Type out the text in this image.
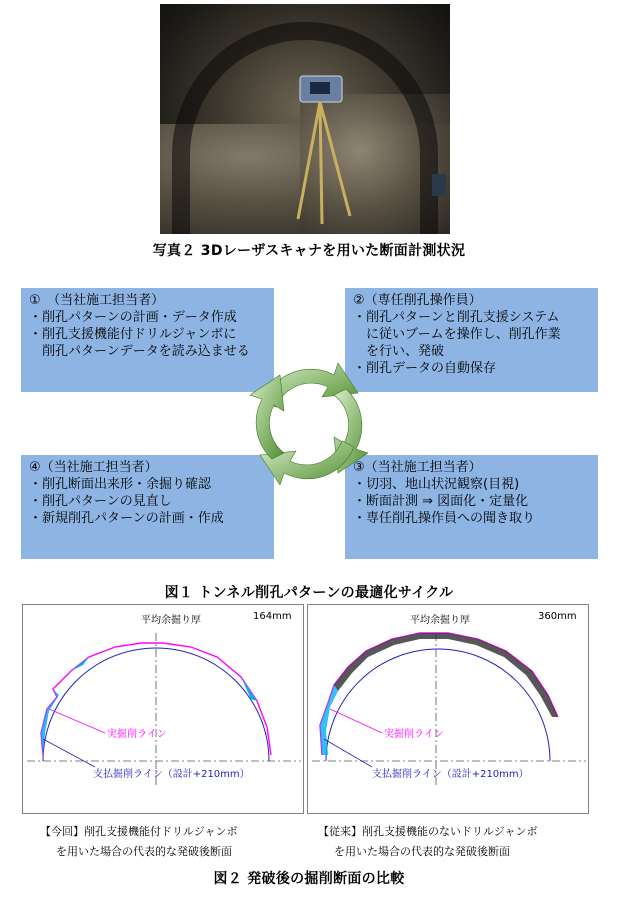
写真２ 3Dレーザスキャナを用いた断面計測状況
①　（当社施工担当者）
・削孔パターンの計画・データ作成
・削孔支援機能付ドリルジャンボに
　削孔パターンデータを読み込ませる
②（専任削孔操作員）
・削孔パターンと削孔支援システム
　に従いブームを操作し、削孔作業
　を行い、発破
・削孔データの自動保存
④（当社施工担当者）
・削孔断面出来形・余掘り確認
・削孔パターンの見直し
・新規削孔パターンの計画・作成
③（当社施工担当者）
・切羽、地山状況観察(目視)
・断面計測 ⇒ 図面化・定量化
・専任削孔操作員への聞き取り
図１ トンネル削孔パターンの最適化サイクル
平均余掘り厚	164mm
実掘削ライン
支払掘削ライン（設計+210mm）
平均余掘り厚	360mm
実掘削ライン
支払掘削ライン（設計+210mm）
【今回】削孔支援機能付ドリルジャンボ
を用いた場合の代表的な発破後断面
【従来】削孔支援機能のないドリルジャンボ
を用いた場合の代表的な発破後断面
図２ 発破後の掘削断面の比較
